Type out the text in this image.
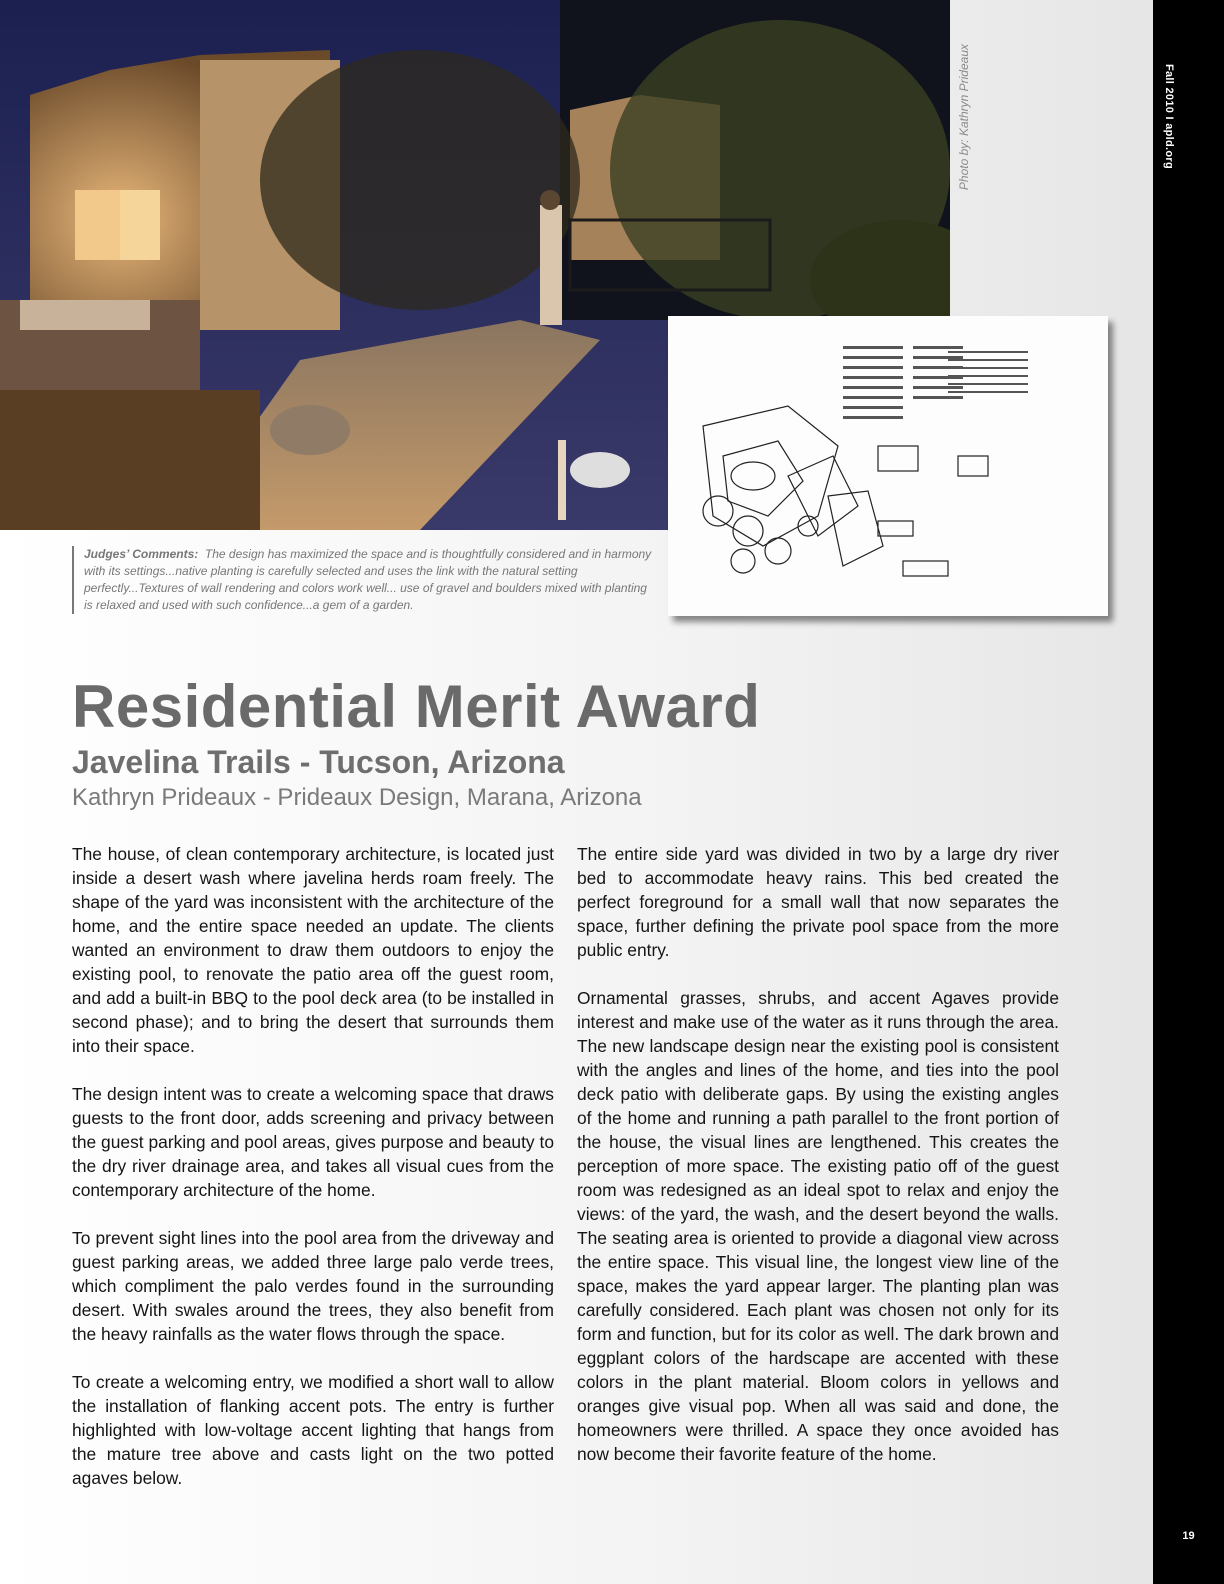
Photo by: Kathryn Prideaux
Judges’ Comments: The design has maximized the space and is thoughtfully considered and in harmony with its settings...native planting is carefully selected and uses the link with the natural setting perfectly...Textures of wall rendering and colors work well... use of gravel and boulders mixed with planting is relaxed and used with such confidence...a gem of a garden.
Residential Merit Award
Javelina Trails - Tucson, Arizona
Kathryn Prideaux - Prideaux Design, Marana, Arizona

The house, of clean contemporary architecture, is located just inside a desert wash where javelina herds roam freely. The shape of the yard was inconsistent with the architecture of the home, and the entire space needed an update. The clients wanted an environment to draw them outdoors to enjoy the existing pool, to renovate the patio area off the guest room, and add a built-in BBQ to the pool deck area (to be installed in second phase); and to bring the desert that surrounds them into their space.

The design intent was to create a welcoming space that draws guests to the front door, adds screening and privacy between the guest parking and pool areas, gives purpose and beauty to the dry river drainage area, and takes all visual cues from the contemporary architecture of the home.

To prevent sight lines into the pool area from the driveway and guest parking areas, we added three large palo verde trees, which compliment the palo verdes found in the surrounding desert. With swales around the trees, they also benefit from the heavy rainfalls as the water flows through the space.

To create a welcoming entry, we modified a short wall to allow the installation of flanking accent pots. The entry is further highlighted with low-voltage accent lighting that hangs from the mature tree above and casts light on the two potted agaves below.

The entire side yard was divided in two by a large dry river bed to accommodate heavy rains. This bed created the perfect foreground for a small wall that now separates the space, further defining the private pool space from the more public entry.

Ornamental grasses, shrubs, and accent Agaves provide interest and make use of the water as it runs through the area. The new landscape design near the existing pool is consistent with the angles and lines of the home, and ties into the pool deck patio with deliberate gaps. By using the existing angles of the home and running a path parallel to the front portion of the house, the visual lines are lengthened. This creates the perception of more space. The existing patio off of the guest room was redesigned as an ideal spot to relax and enjoy the views: of the yard, the wash, and the desert beyond the walls. The seating area is oriented to provide a diagonal view across the entire space. This visual line, the longest view line of the space, makes the yard appear larger. The planting plan was carefully considered. Each plant was chosen not only for its form and function, but for its color as well. The dark brown and eggplant colors of the hardscape are accented with these colors in the plant material. Bloom colors in yellows and oranges give visual pop. When all was said and done, the homeowners were thrilled. A space they once avoided has now become their favorite feature of the home.

Fall 2010 I apld.org
19
